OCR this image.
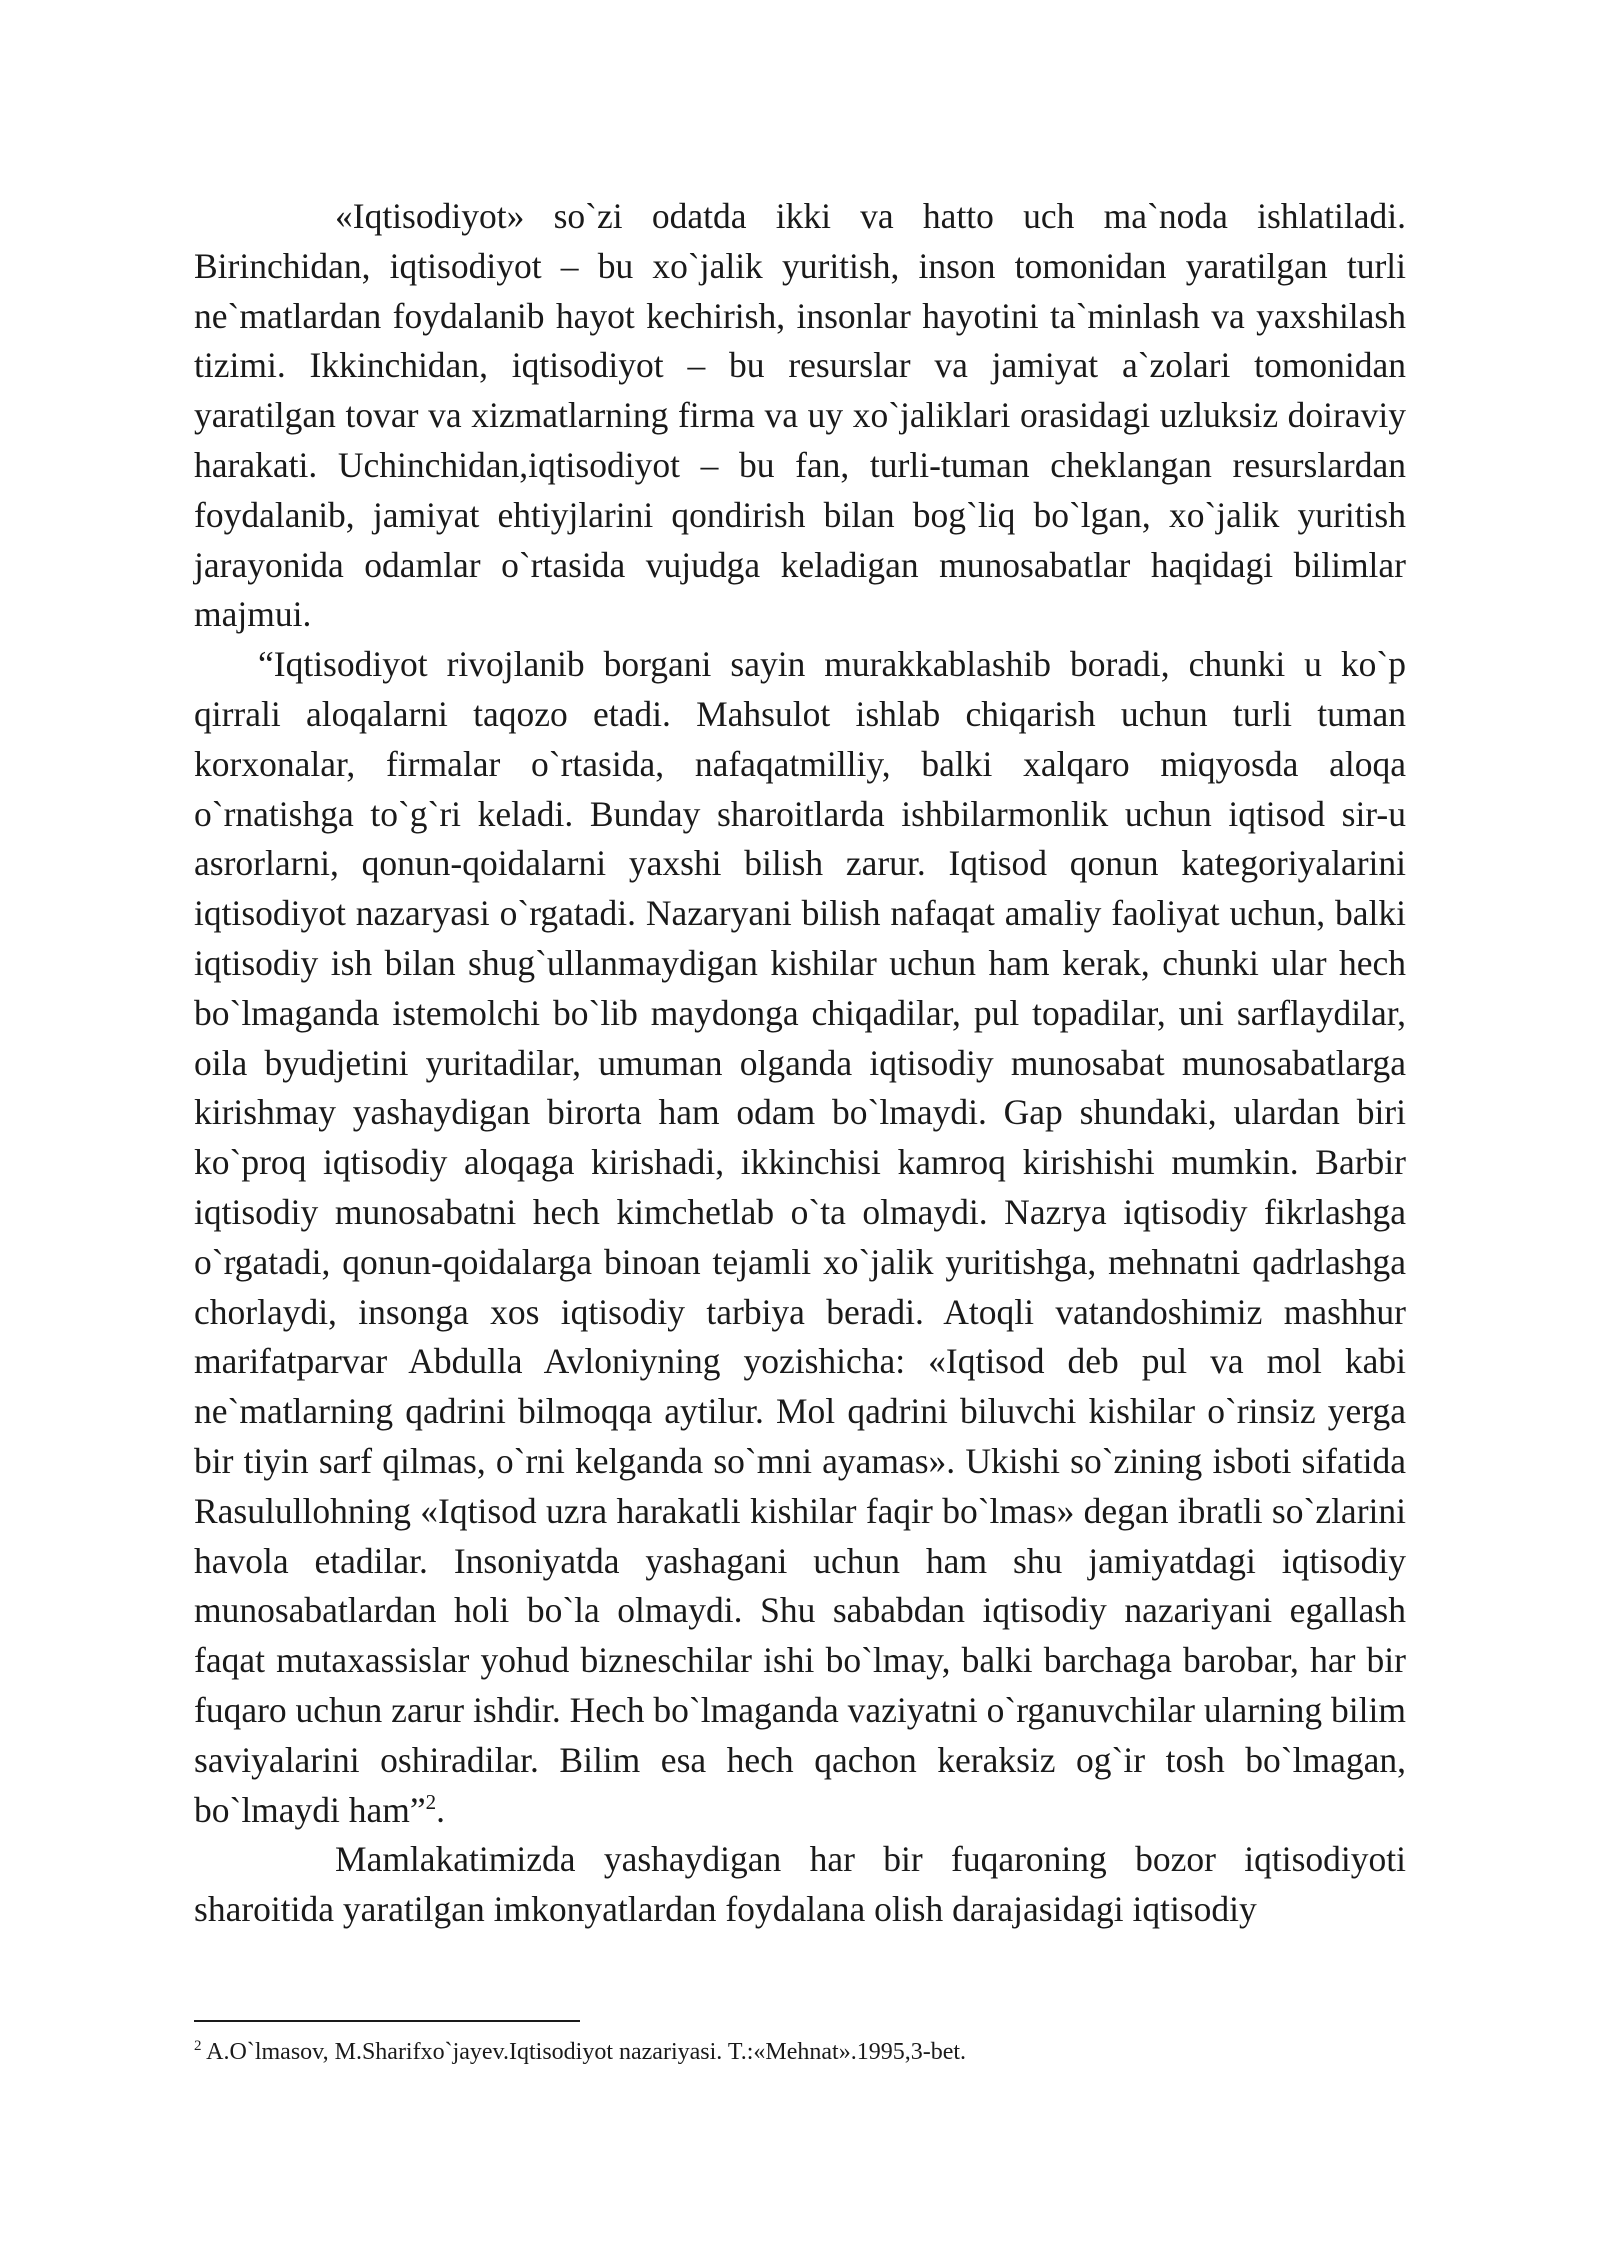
«Iqtisodiyot» so`zi odatda ikki va hatto uch ma`noda ishlatiladi. Birinchidan, iqtisodiyot – bu xo`jalik yuritish, inson tomonidan yaratilgan turli ne`matlardan foydalanib hayot kechirish, insonlar hayotini ta`minlash va yaxshilash tizimi. Ikkinchidan, iqtisodiyot – bu resurslar va jamiyat a`zolari tomonidan yaratilgan tovar va xizmatlarning firma va uy xo`jaliklari orasidagi uzluksiz doiraviy harakati. Uchinchidan,iqtisodiyot – bu fan, turli-tuman cheklangan resurslardan foydalanib, jamiyat ehtiyjlarini qondirish bilan bog`liq bo`lgan, xo`jalik yuritish jarayonida odamlar o`rtasida vujudga keladigan munosabatlar haqidagi bilimlar majmui.

“Iqtisodiyot rivojlanib borgani sayin murakkablashib boradi, chunki u ko`p qirrali aloqalarni taqozo etadi. Mahsulot ishlab chiqarish uchun turli tuman korxonalar, firmalar o`rtasida, nafaqatmilliy, balki xalqaro miqyosda aloqa o`rnatishga to`g`ri keladi. Bunday sharoitlarda ishbilarmonlik uchun iqtisod sir-u asrorlarni, qonun-qoidalarni yaxshi bilish zarur. Iqtisod qonun kategoriyalarini iqtisodiyot nazaryasi o`rgatadi. Nazaryani bilish nafaqat amaliy faoliyat uchun, balki iqtisodiy ish bilan shug`ullanmaydigan kishilar uchun ham kerak, chunki ular hech bo`lmaganda istemolchi bo`lib maydonga chiqadilar, pul topadilar, uni sarflaydilar, oila byudjetini yuritadilar, umuman olganda iqtisodiy munosabat munosabatlarga kirishmay yashaydigan birorta ham odam bo`lmaydi. Gap shundaki, ulardan biri ko`proq iqtisodiy aloqaga kirishadi, ikkinchisi kamroq kirishishi mumkin. Barbir iqtisodiy munosabatni hech kimchetlab o`ta olmaydi. Nazrya iqtisodiy fikrlashga o`rgatadi, qonun-qoidalarga binoan tejamli xo`jalik yuritishga, mehnatni qadrlashga chorlaydi, insonga xos iqtisodiy tarbiya beradi. Atoqli vatandoshimiz mashhur marifatparvar Abdulla Avloniyning yozishicha: «Iqtisod deb pul va mol kabi ne`matlarning qadrini bilmoqqa aytilur. Mol qadrini biluvchi kishilar o`rinsiz yerga bir tiyin sarf qilmas, o`rni kelganda so`mni ayamas». Ukishi so`zining isboti sifatida Rasulullohning «Iqtisod uzra harakatli kishilar faqir bo`lmas» degan ibratli so`zlarini havola etadilar. Insoniyatda yashagani uchun ham shu jamiyatdagi iqtisodiy munosabatlardan holi bo`la olmaydi. Shu sababdan iqtisodiy nazariyani egallash faqat mutaxassislar yohud bizneschilar ishi bo`lmay, balki barchaga barobar, har bir fuqaro uchun zarur ishdir. Hech bo`lmaganda vaziyatni o`rganuvchilar ularning bilim saviyalarini oshiradilar. Bilim esa hech qachon keraksiz og`ir tosh bo`lmagan, bo`lmaydi ham”$^2$.

Mamlakatimizda yashaydigan har bir fuqaroning bozor iqtisodiyoti sharoitida yaratilgan imkonyatlardan foydalana olish darajasidagi iqtisodiy

$^2$ A.O`lmasov, M.Sharifxo`jayev.Iqtisodiyot nazariyasi. T.:«Mehnat».1995,3-bet.
